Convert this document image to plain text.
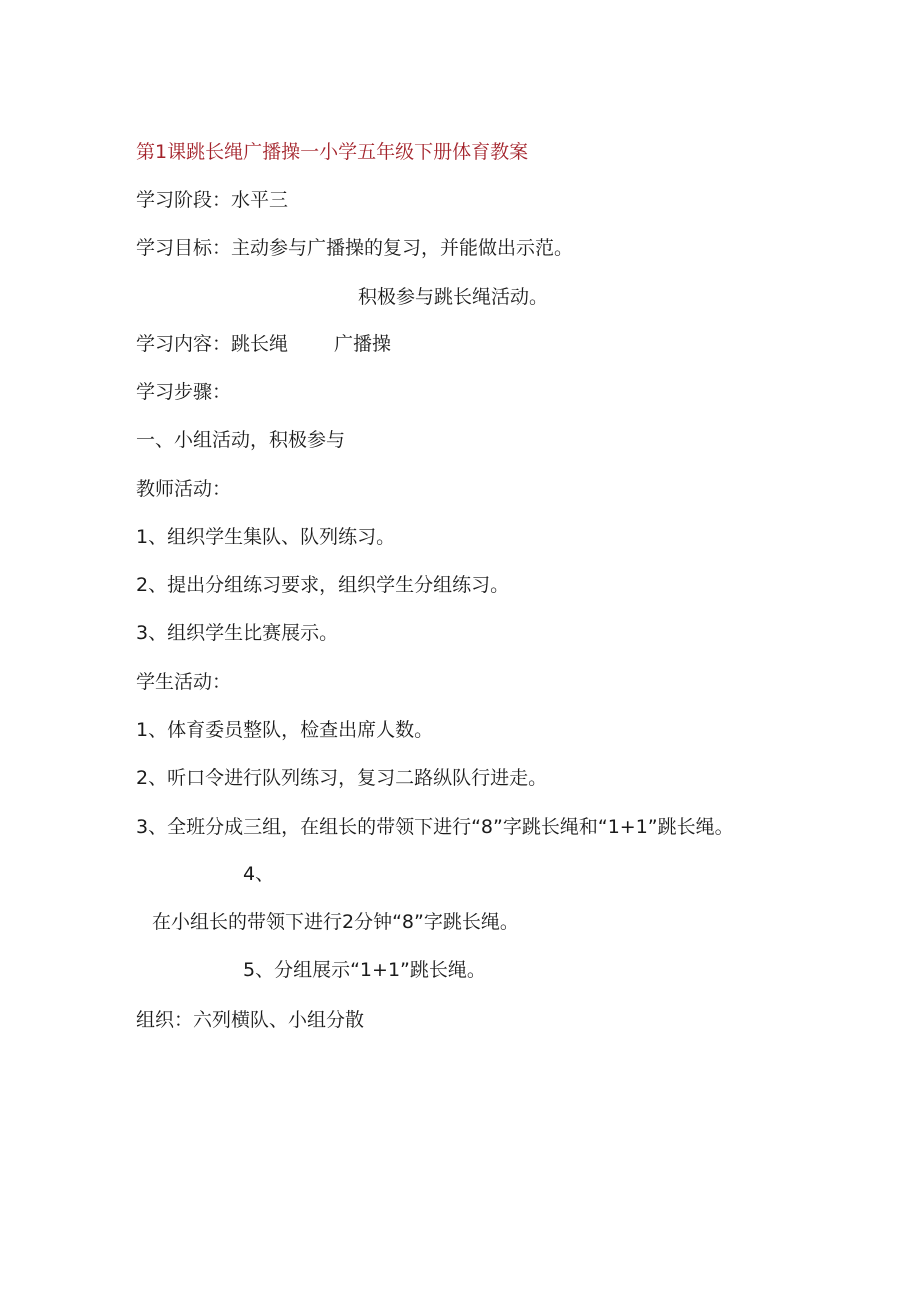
第1课跳长绳广播操一小学五年级下册体育教案
学习阶段：水平三
学习目标：主动参与广播操的复习，并能做出示范。
积极参与跳长绳活动。
学习内容：跳长绳 广播操
学习步骤：
一、小组活动，积极参与
教师活动：
1、组织学生集队、队列练习。
2、提出分组练习要求，组织学生分组练习。
3、组织学生比赛展示。
学生活动：
1、体育委员整队，检查出席人数。
2、听口令进行队列练习，复习二路纵队行进走。
3、全班分成三组，在组长的带领下进行“8”字跳长绳和“1+1”跳长绳。
4、
在小组长的带领下进行2分钟“8”字跳长绳。
5、分组展示“1+1”跳长绳。
组织：六列横队、小组分散
